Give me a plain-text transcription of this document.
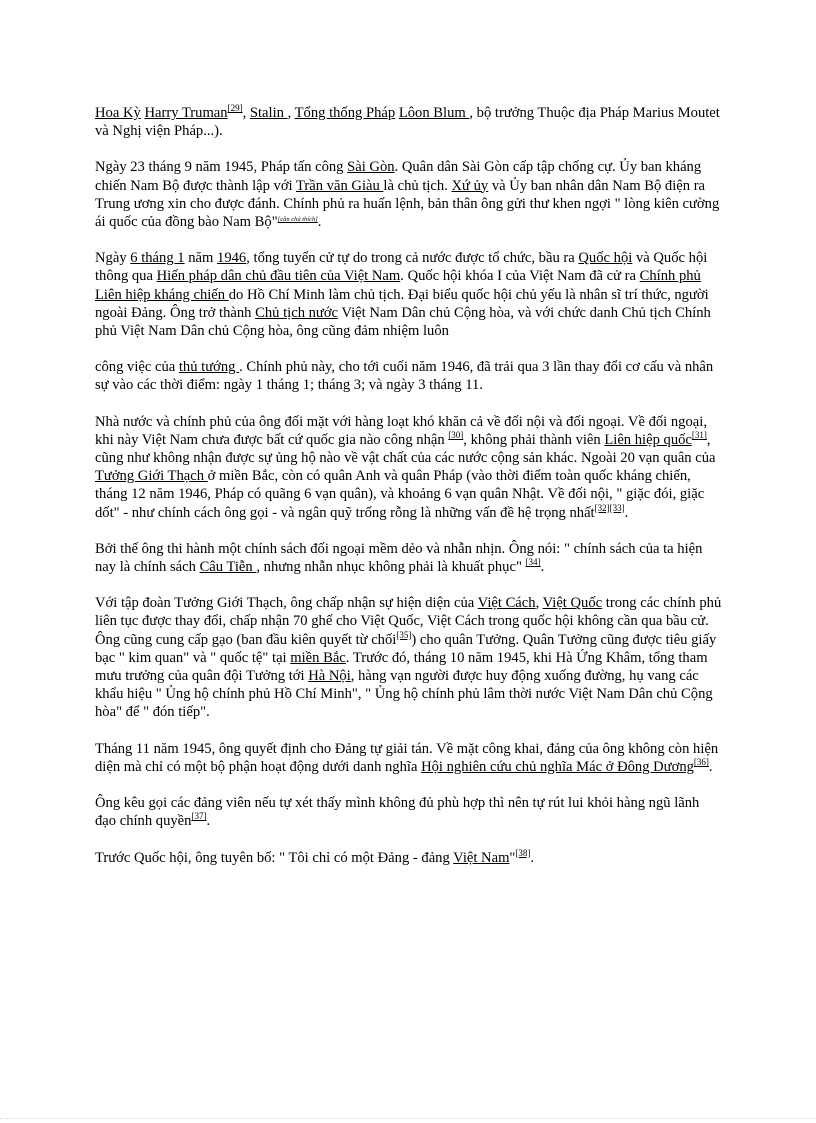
Hoa Kỳ Harry Truman[29], Stalin , Tổng thống Pháp Lôon Blum , bộ trưởng Thuộc địa Pháp Marius Moutet và Nghị viện Pháp...).

Ngày 23 tháng 9 năm 1945, Pháp tấn công Sài Gòn. Quân dân Sài Gòn cấp tập chống cự. Ủy ban kháng chiến Nam Bộ được thành lập với Trần văn Giàu là chủ tịch. Xứ ủy và Ủy ban nhân dân Nam Bộ điện ra Trung ương xin cho được đánh. Chính phủ ra huấn lệnh, bản thân ông gửi thư khen ngợi " lòng kiên cường ái quốc của đồng bào Nam Bộ"[cần chú thích].

Ngày 6 tháng 1 năm 1946, tổng tuyển cử tự do trong cả nước được tổ chức, bầu ra Quốc hội và Quốc hội thông qua Hiến pháp dân chủ đầu tiên của Việt Nam. Quốc hội khóa I của Việt Nam đã cử ra Chính phủ Liên hiệp kháng chiến do Hồ Chí Minh làm chủ tịch. Đại biểu quốc hội chủ yếu là nhân sĩ trí thức, người ngoài Đảng. Ông trở thành Chủ tịch nước Việt Nam Dân chủ Cộng hòa, và với chức danh Chủ tịch Chính phủ Việt Nam Dân chủ Cộng hòa, ông cũng đảm nhiệm luôn

công việc của thủ tướng . Chính phủ này, cho tới cuối năm 1946, đã trải qua 3 lần thay đổi cơ cấu và nhân sự vào các thời điểm: ngày 1 tháng 1; tháng 3; và ngày 3 tháng 11.

Nhà nước và chính phủ của ông đối mặt với hàng loạt khó khăn cả về đối nội và đối ngoại. Về đối ngoại, khi này Việt Nam chưa được bất cứ quốc gia nào công nhận [30], không phải thành viên Liên hiệp quốc[31], cũng như không nhận được sự ủng hộ nào về vật chất của các nước cộng sản khác. Ngoài 20 vạn quân của Tưởng Giới Thạch ở miền Bắc, còn có quân Anh và quân Pháp (vào thời điểm toàn quốc kháng chiến, tháng 12 năm 1946, Pháp có quãng 6 vạn quân), và khoảng 6 vạn quân Nhật. Về đối nội, " giặc đói, giặc dốt" - như chính cách ông gọi - và ngân quỹ trống rỗng là những vấn đề hệ trọng nhất[32][33].

Bởi thế ông thi hành một chính sách đối ngoại mềm dẻo và nhẫn nhịn. Ông nói: " chính sách của ta hiện nay là chính sách Câu Tiễn , nhưng nhẫn nhục không phải là khuất phục" [34].

Với tập đoàn Tưởng Giới Thạch, ông chấp nhận sự hiện diện của Việt Cách, Việt Quốc trong các chính phủ liên tục được thay đổi, chấp nhận 70 ghế cho Việt Quốc, Việt Cách trong quốc hội không cần qua bầu cử. Ông cũng cung cấp gạo (ban đầu kiên quyết từ chối[35]) cho quân Tưởng. Quân Tưởng cũng được tiêu giấy bạc " kim quan" và " quốc tệ" tại miền Bắc. Trước đó, tháng 10 năm 1945, khi Hà Ứng Khâm, tổng tham mưu trưởng của quân đội Tưởng tới Hà Nội, hàng vạn người được huy động xuống đường, hụ vang các khẩu hiệu " Ủng hộ chính phủ Hồ Chí Minh", " Ủng hộ chính phủ lâm thời nước Việt Nam Dân chủ Cộng hòa" để " đón tiếp".

Tháng 11 năm 1945, ông quyết định cho Đảng tự giải tán. Về mặt công khai, đảng của ông không còn hiện diện mà chỉ có một bộ phận hoạt động dưới danh nghĩa Hội nghiên cứu chủ nghĩa Mác ở Đông Dương[36].

Ông kêu gọi các đảng viên nếu tự xét thấy mình không đủ phù hợp thì nên tự rút lui khỏi hàng ngũ lãnh đạo chính quyền[37].

Trước Quốc hội, ông tuyên bố: " Tôi chỉ có một Đảng - đảng Việt Nam"[38].
